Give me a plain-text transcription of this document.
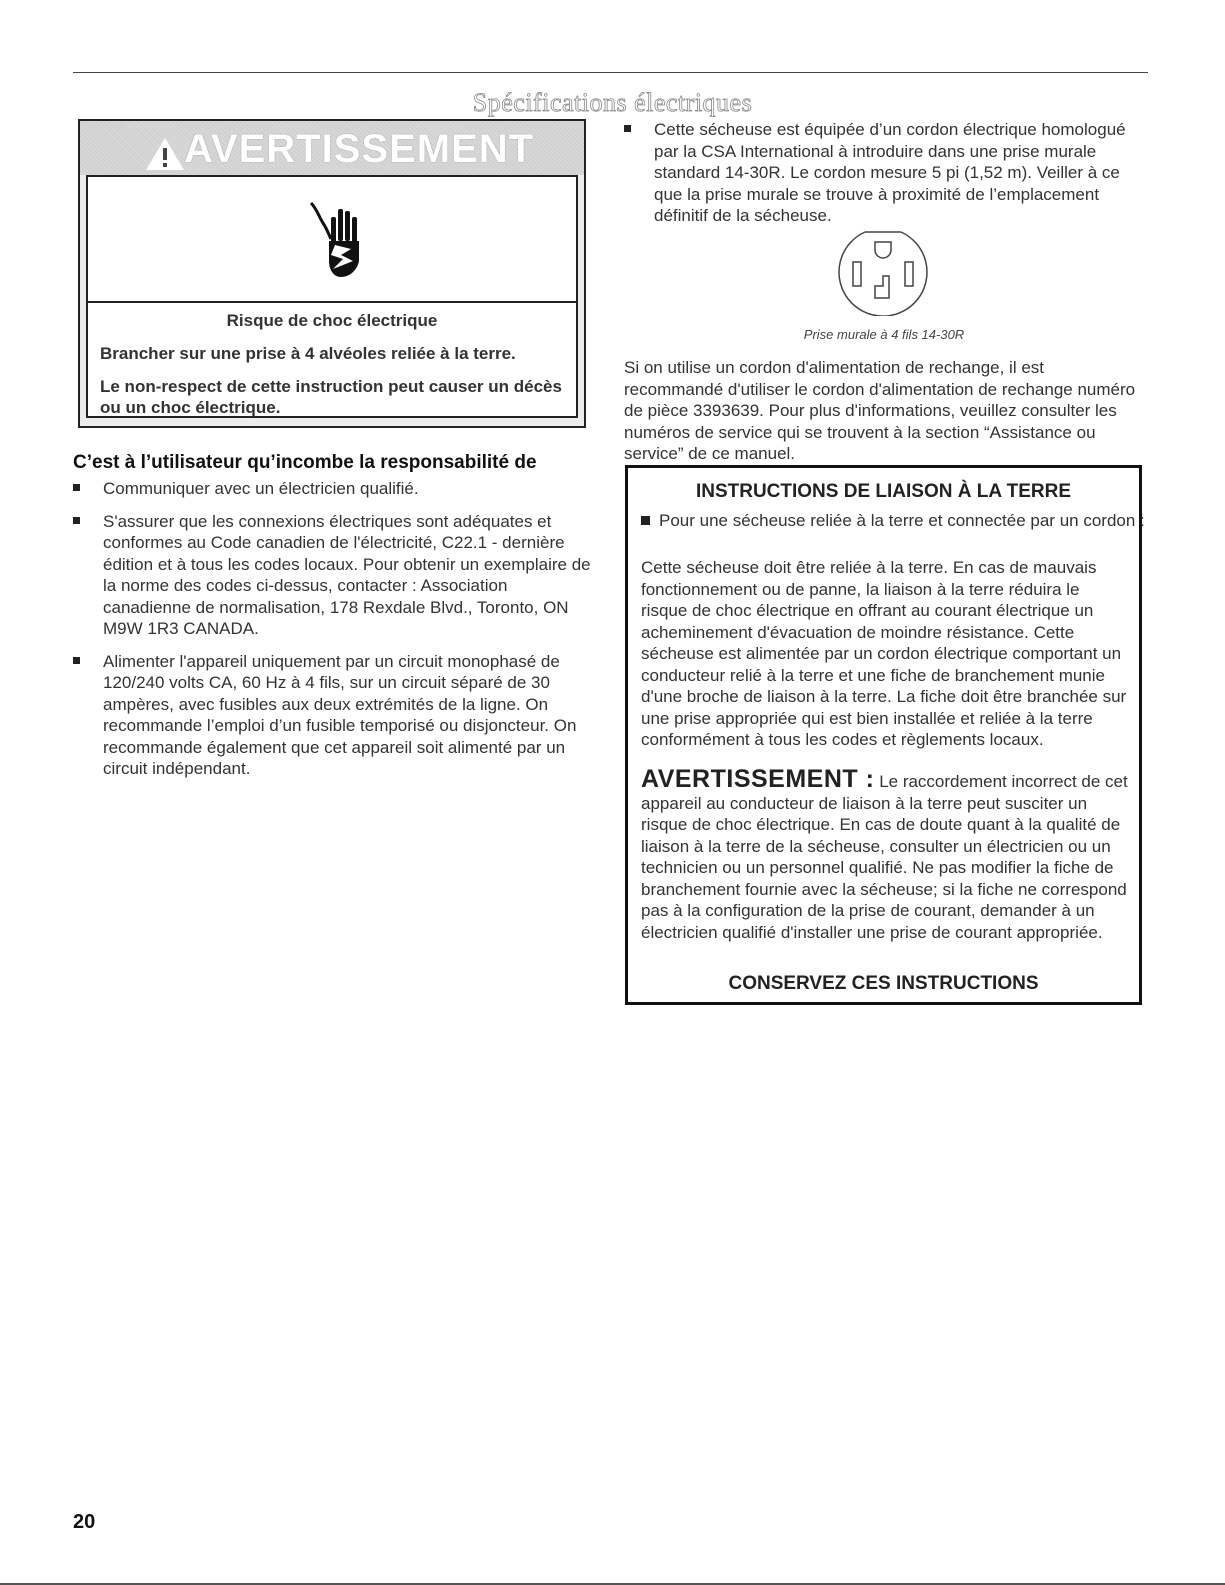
Spécifications électriques
AVERTISSEMENT
Risque de choc électrique
Brancher sur une prise à 4 alvéoles reliée à la terre.
Le non-respect de cette instruction peut causer un décès ou un choc électrique.
C’est à l’utilisateur qu’incombe la responsabilité de
Communiquer avec un électricien qualifié.
S'assurer que les connexions électriques sont adéquates et conformes au Code canadien de l'électricité, C22.1 - dernière édition et à tous les codes locaux. Pour obtenir un exemplaire de la norme des codes ci-dessus, contacter : Association canadienne de normalisation, 178 Rexdale Blvd., Toronto, ON M9W 1R3 CANADA.
Alimenter l'appareil uniquement par un circuit monophasé de 120/240 volts CA, 60 Hz à 4 fils, sur un circuit séparé de 30 ampères, avec fusibles aux deux extrémités de la ligne. On recommande l’emploi d’un fusible temporisé ou disjoncteur. On recommande également que cet appareil soit alimenté par un circuit indépendant.
Cette sécheuse est équipée d’un cordon électrique homologué par la CSA International à introduire dans une prise murale standard 14-30R. Le cordon mesure 5 pi (1,52 m). Veiller à ce que la prise murale se trouve à proximité de l’emplacement définitif de la sécheuse.
Prise murale à 4 fils 14-30R
Si on utilise un cordon d'alimentation de rechange, il est recommandé d'utiliser le cordon d'alimentation de rechange numéro de pièce 3393639. Pour plus d'informations, veuillez consulter les numéros de service qui se trouvent à la section “Assistance ou service” de ce manuel.
INSTRUCTIONS DE LIAISON À LA TERRE
Pour une sécheuse reliée à la terre et connectée par un cordon :
Cette sécheuse doit être reliée à la terre. En cas de mauvais fonctionnement ou de panne, la liaison à la terre réduira le risque de choc électrique en offrant au courant électrique un acheminement d'évacuation de moindre résistance. Cette sécheuse est alimentée par un cordon électrique comportant un conducteur relié à la terre et une fiche de branchement munie d'une broche de liaison à la terre. La fiche doit être branchée sur une prise appropriée qui est bien installée et reliée à la terre conformément à tous les codes et règlements locaux.
AVERTISSEMENT : Le raccordement incorrect de cet appareil au conducteur de liaison à la terre peut susciter un risque de choc électrique. En cas de doute quant à la qualité de liaison à la terre de la sécheuse, consulter un électricien ou un technicien ou un personnel qualifié. Ne pas modifier la fiche de branchement fournie avec la sécheuse; si la fiche ne correspond pas à la configuration de la prise de courant, demander à un électricien qualifié d'installer une prise de courant appropriée.
CONSERVEZ CES INSTRUCTIONS
20
